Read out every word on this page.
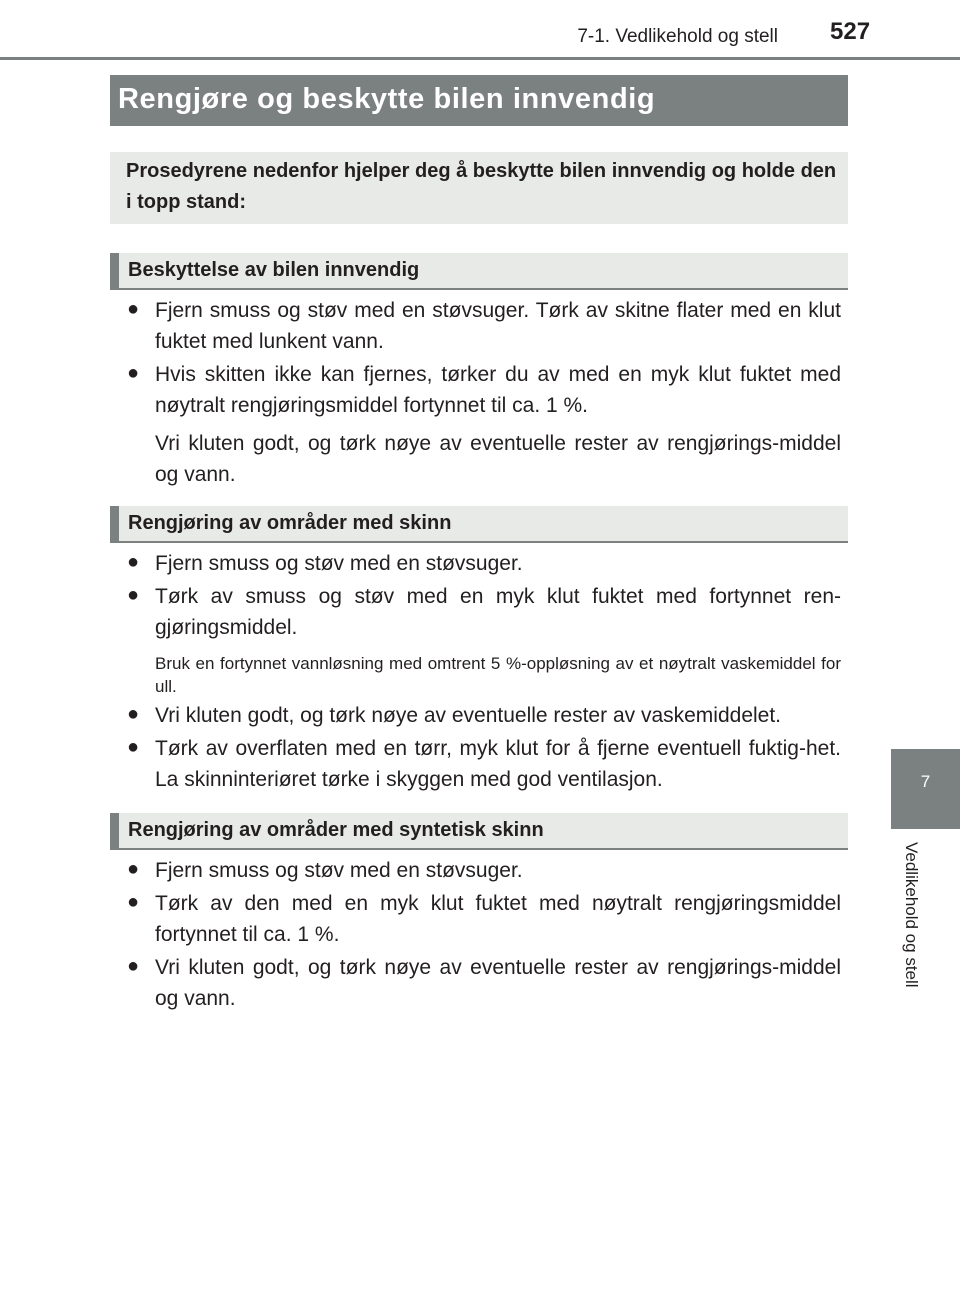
7-1. Vedlikehold og stell 527
7
Vedlikehold og stell
Rengjøre og beskytte bilen innvendig
Prosedyrene nedenfor hjelper deg å beskytte bilen innvendig og holde den i topp stand:
Beskyttelse av bilen innvendig
● Fjern smuss og støv med en støvsuger. Tørk av skitne flater med en klut fuktet med lunkent vann.
● Hvis skitten ikke kan fjernes, tørker du av med en myk klut fuktet med nøytralt rengjøringsmiddel fortynnet til ca. 1 %.
Vri kluten godt, og tørk nøye av eventuelle rester av rengjørings-middel og vann.
Rengjøring av områder med skinn
● Fjern smuss og støv med en støvsuger.
● Tørk av smuss og støv med en myk klut fuktet med fortynnet ren-gjøringsmiddel.
Bruk en fortynnet vannløsning med omtrent 5 %-oppløsning av et nøytralt vaskemiddel for ull.
● Vri kluten godt, og tørk nøye av eventuelle rester av vaskemiddelet.
● Tørk av overflaten med en tørr, myk klut for å fjerne eventuell fuktig-het. La skinninteriøret tørke i skyggen med god ventilasjon.
Rengjøring av områder med syntetisk skinn
● Fjern smuss og støv med en støvsuger.
● Tørk av den med en myk klut fuktet med nøytralt rengjøringsmiddel fortynnet til ca. 1 %.
● Vri kluten godt, og tørk nøye av eventuelle rester av rengjørings-middel og vann.
